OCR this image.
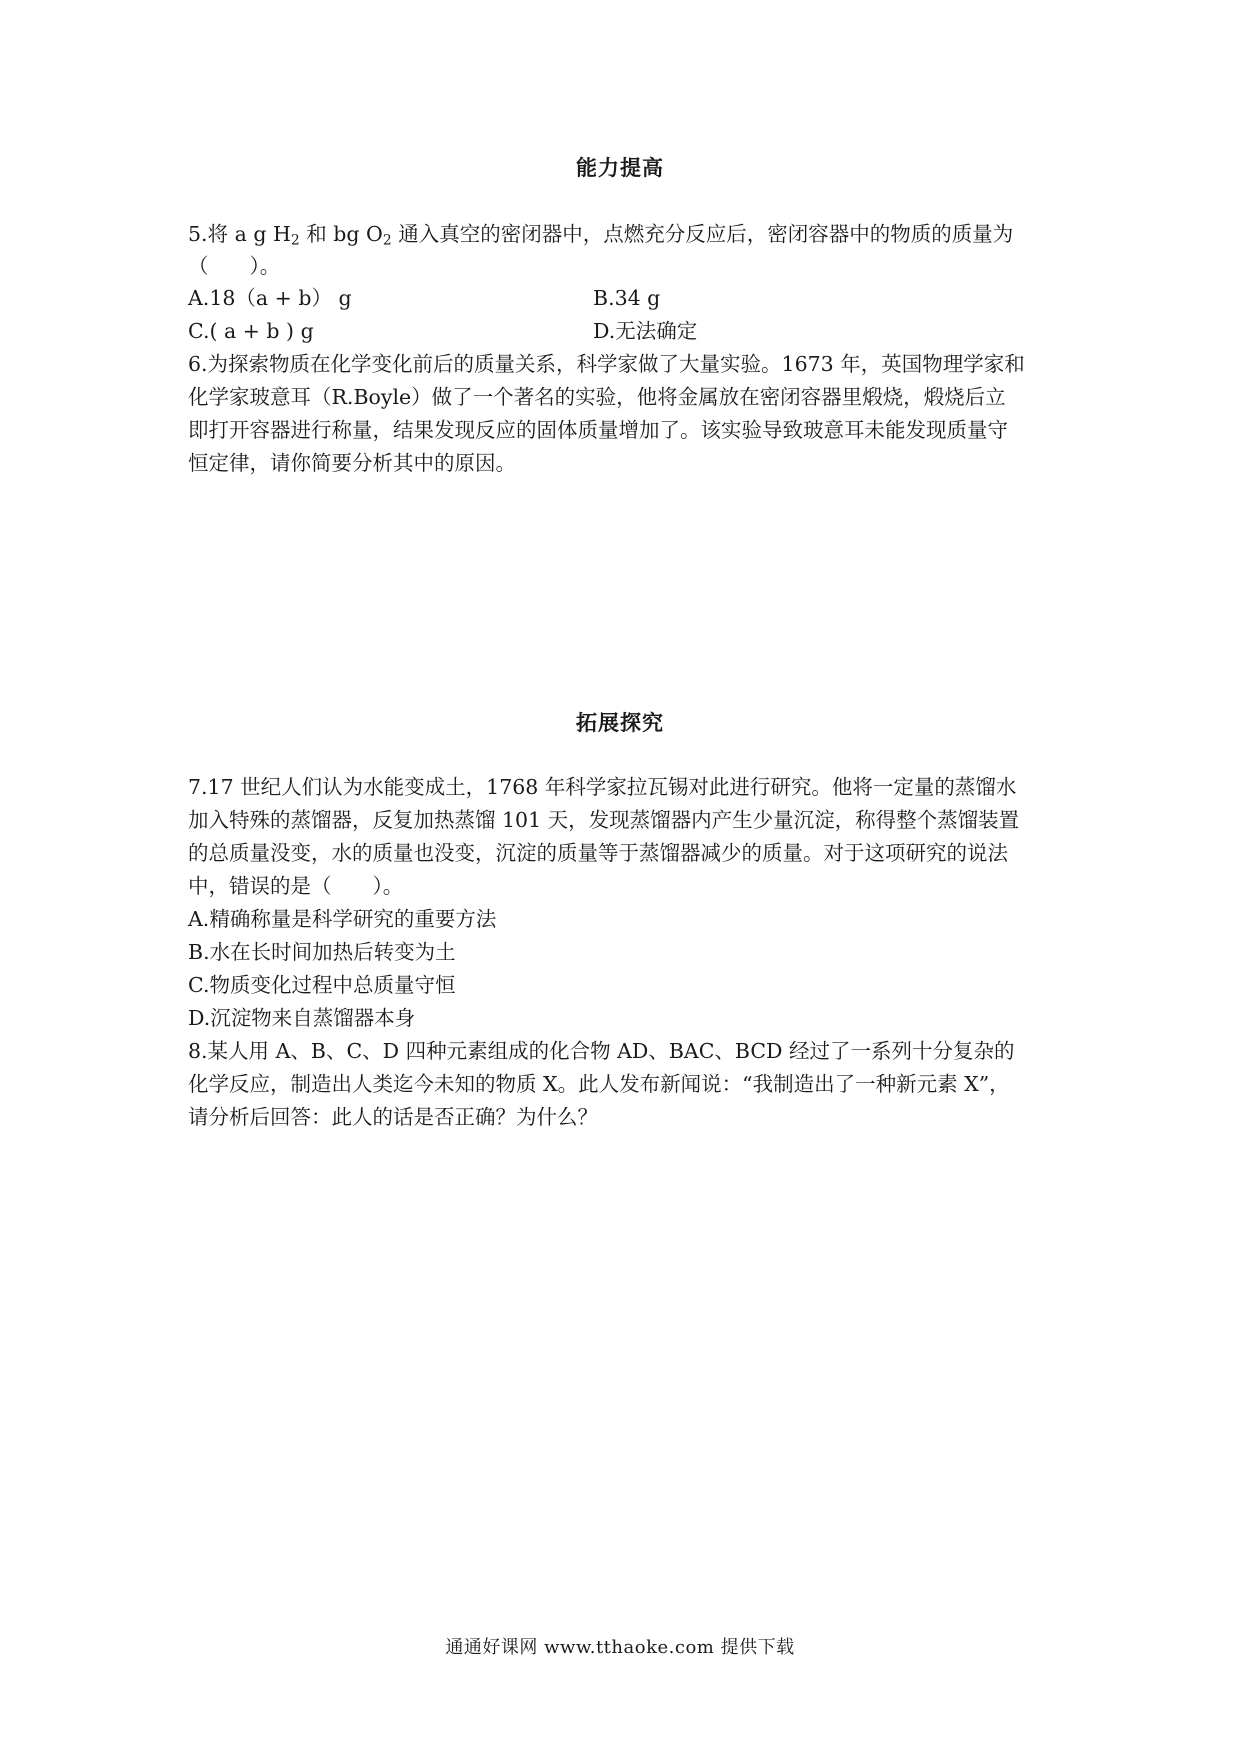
能力提高
5.将 a g $H_2$ 和 bg $O_2$ 通入真空的密闭器中，点燃充分反应后，密闭容器中的物质的质量为
（　　）。
A.18（a + b） g	B.34 g
C.( a + b ) g	D.无法确定
6.为探索物质在化学变化前后的质量关系，科学家做了大量实验。1673 年，英国物理学家和
化学家玻意耳（R.Boyle）做了一个著名的实验，他将金属放在密闭容器里煅烧，煅烧后立
即打开容器进行称量，结果发现反应的固体质量增加了。该实验导致玻意耳未能发现质量守
恒定律，请你简要分析其中的原因。
拓展探究
7.17 世纪人们认为水能变成土，1768 年科学家拉瓦锡对此进行研究。他将一定量的蒸馏水
加入特殊的蒸馏器，反复加热蒸馏 101 天，发现蒸馏器内产生少量沉淀，称得整个蒸馏装置
的总质量没变，水的质量也没变，沉淀的质量等于蒸馏器减少的质量。对于这项研究的说法
中，错误的是（　　）。
A.精确称量是科学研究的重要方法
B.水在长时间加热后转变为土
C.物质变化过程中总质量守恒
D.沉淀物来自蒸馏器本身
8.某人用 A、B、C、D 四种元素组成的化合物 AD、BAC、BCD 经过了一系列十分复杂的
化学反应，制造出人类迄今未知的物质 X。此人发布新闻说：“我制造出了一种新元素 X”，
请分析后回答：此人的话是否正确？为什么？
通通好课网 www.tthaoke.com 提供下载
